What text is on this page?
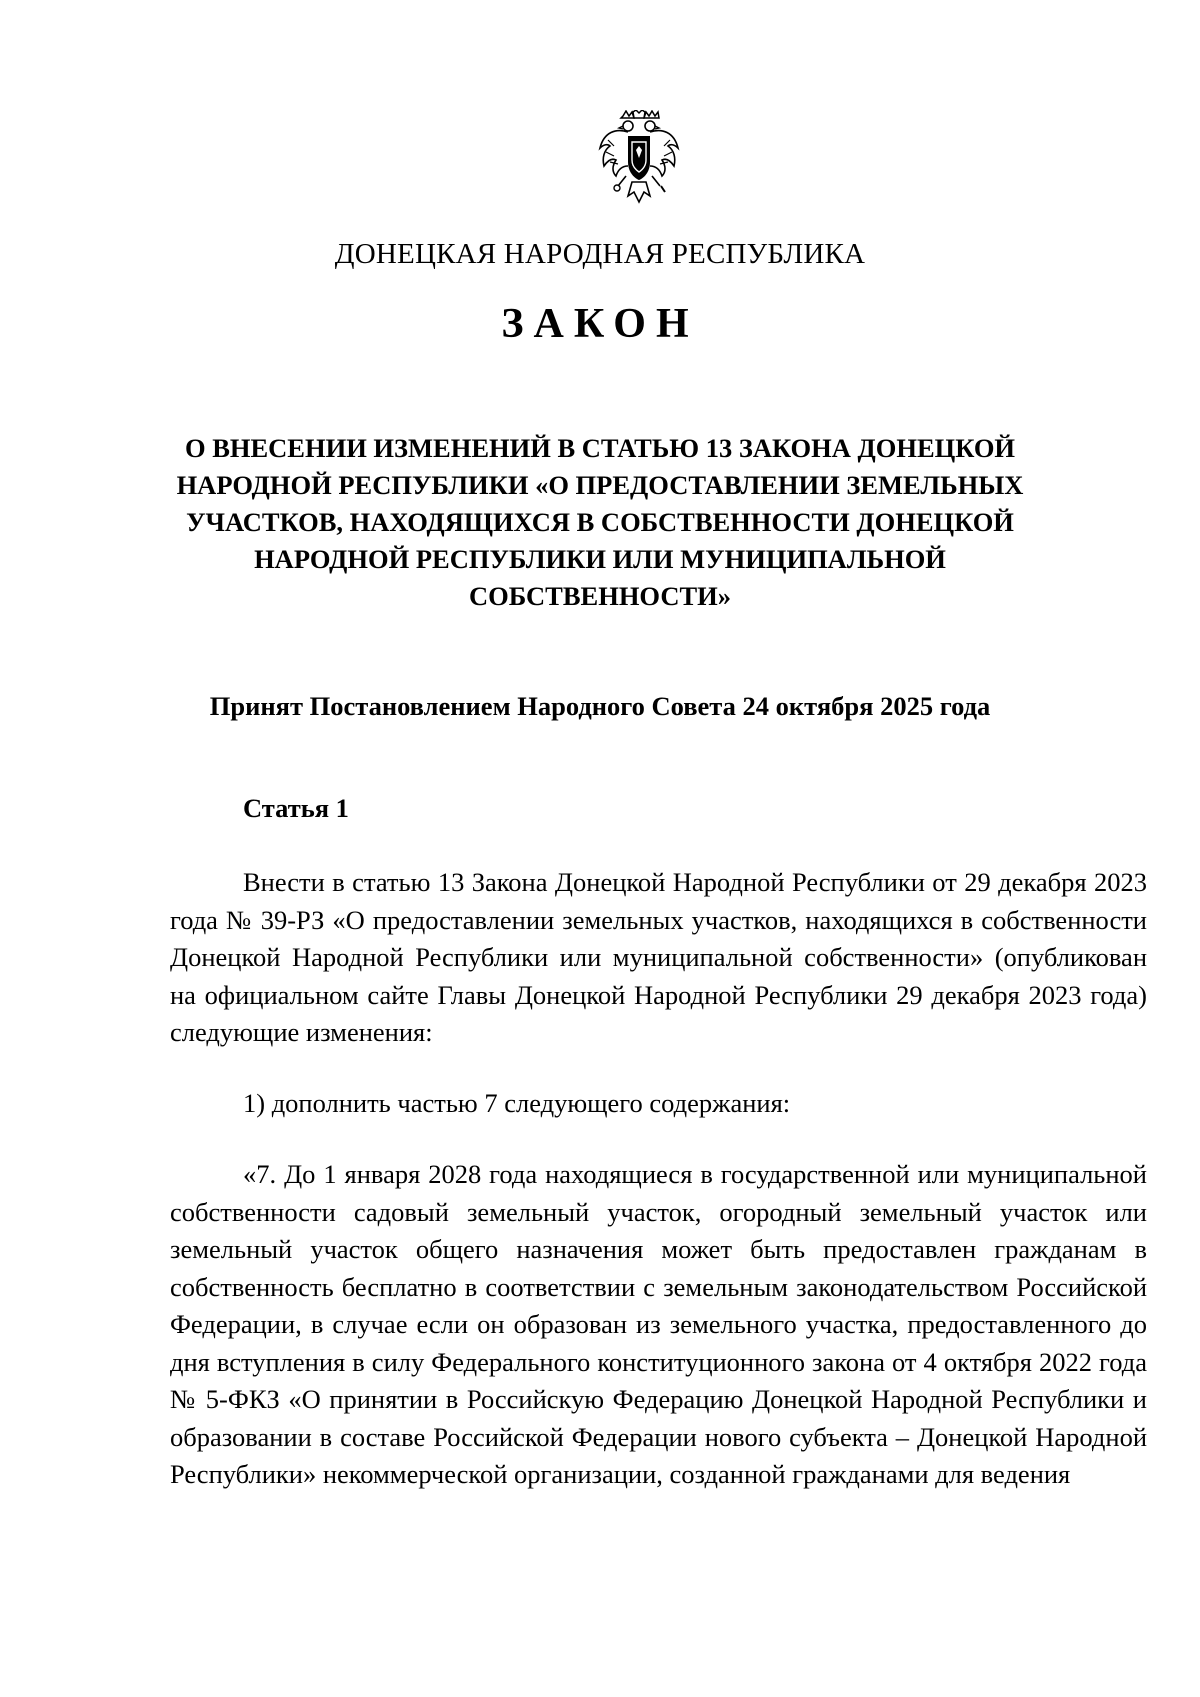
ДОНЕЦКАЯ НАРОДНАЯ РЕСПУБЛИКА
ЗАКОН
О ВНЕСЕНИИ ИЗМЕНЕНИЙ В СТАТЬЮ 13 ЗАКОНА ДОНЕЦКОЙ НАРОДНОЙ РЕСПУБЛИКИ «О ПРЕДОСТАВЛЕНИИ ЗЕМЕЛЬНЫХ УЧАСТКОВ, НАХОДЯЩИХСЯ В СОБСТВЕННОСТИ ДОНЕЦКОЙ НАРОДНОЙ РЕСПУБЛИКИ ИЛИ МУНИЦИПАЛЬНОЙ СОБСТВЕННОСТИ»
Принят Постановлением Народного Совета 24 октября 2025 года
Статья 1
Внести в статью 13 Закона Донецкой Народной Республики от 29 декабря 2023 года № 39-РЗ «О предоставлении земельных участков, находящихся в собственности Донецкой Народной Республики или муниципальной собственности» (опубликован на официальном сайте Главы Донецкой Народной Республики 29 декабря 2023 года) следующие изменения:
1) дополнить частью 7 следующего содержания:
«7. До 1 января 2028 года находящиеся в государственной или муниципальной собственности садовый земельный участок, огородный земельный участок или земельный участок общего назначения может быть предоставлен гражданам в собственность бесплатно в соответствии с земельным законодательством Российской Федерации, в случае если он образован из земельного участка, предоставленного до дня вступления в силу Федерального конституционного закона от 4 октября 2022 года № 5-ФКЗ «О принятии в Российскую Федерацию Донецкой Народной Республики и образовании в составе Российской Федерации нового субъекта – Донецкой Народной Республики» некоммерческой организации, созданной гражданами для ведения
